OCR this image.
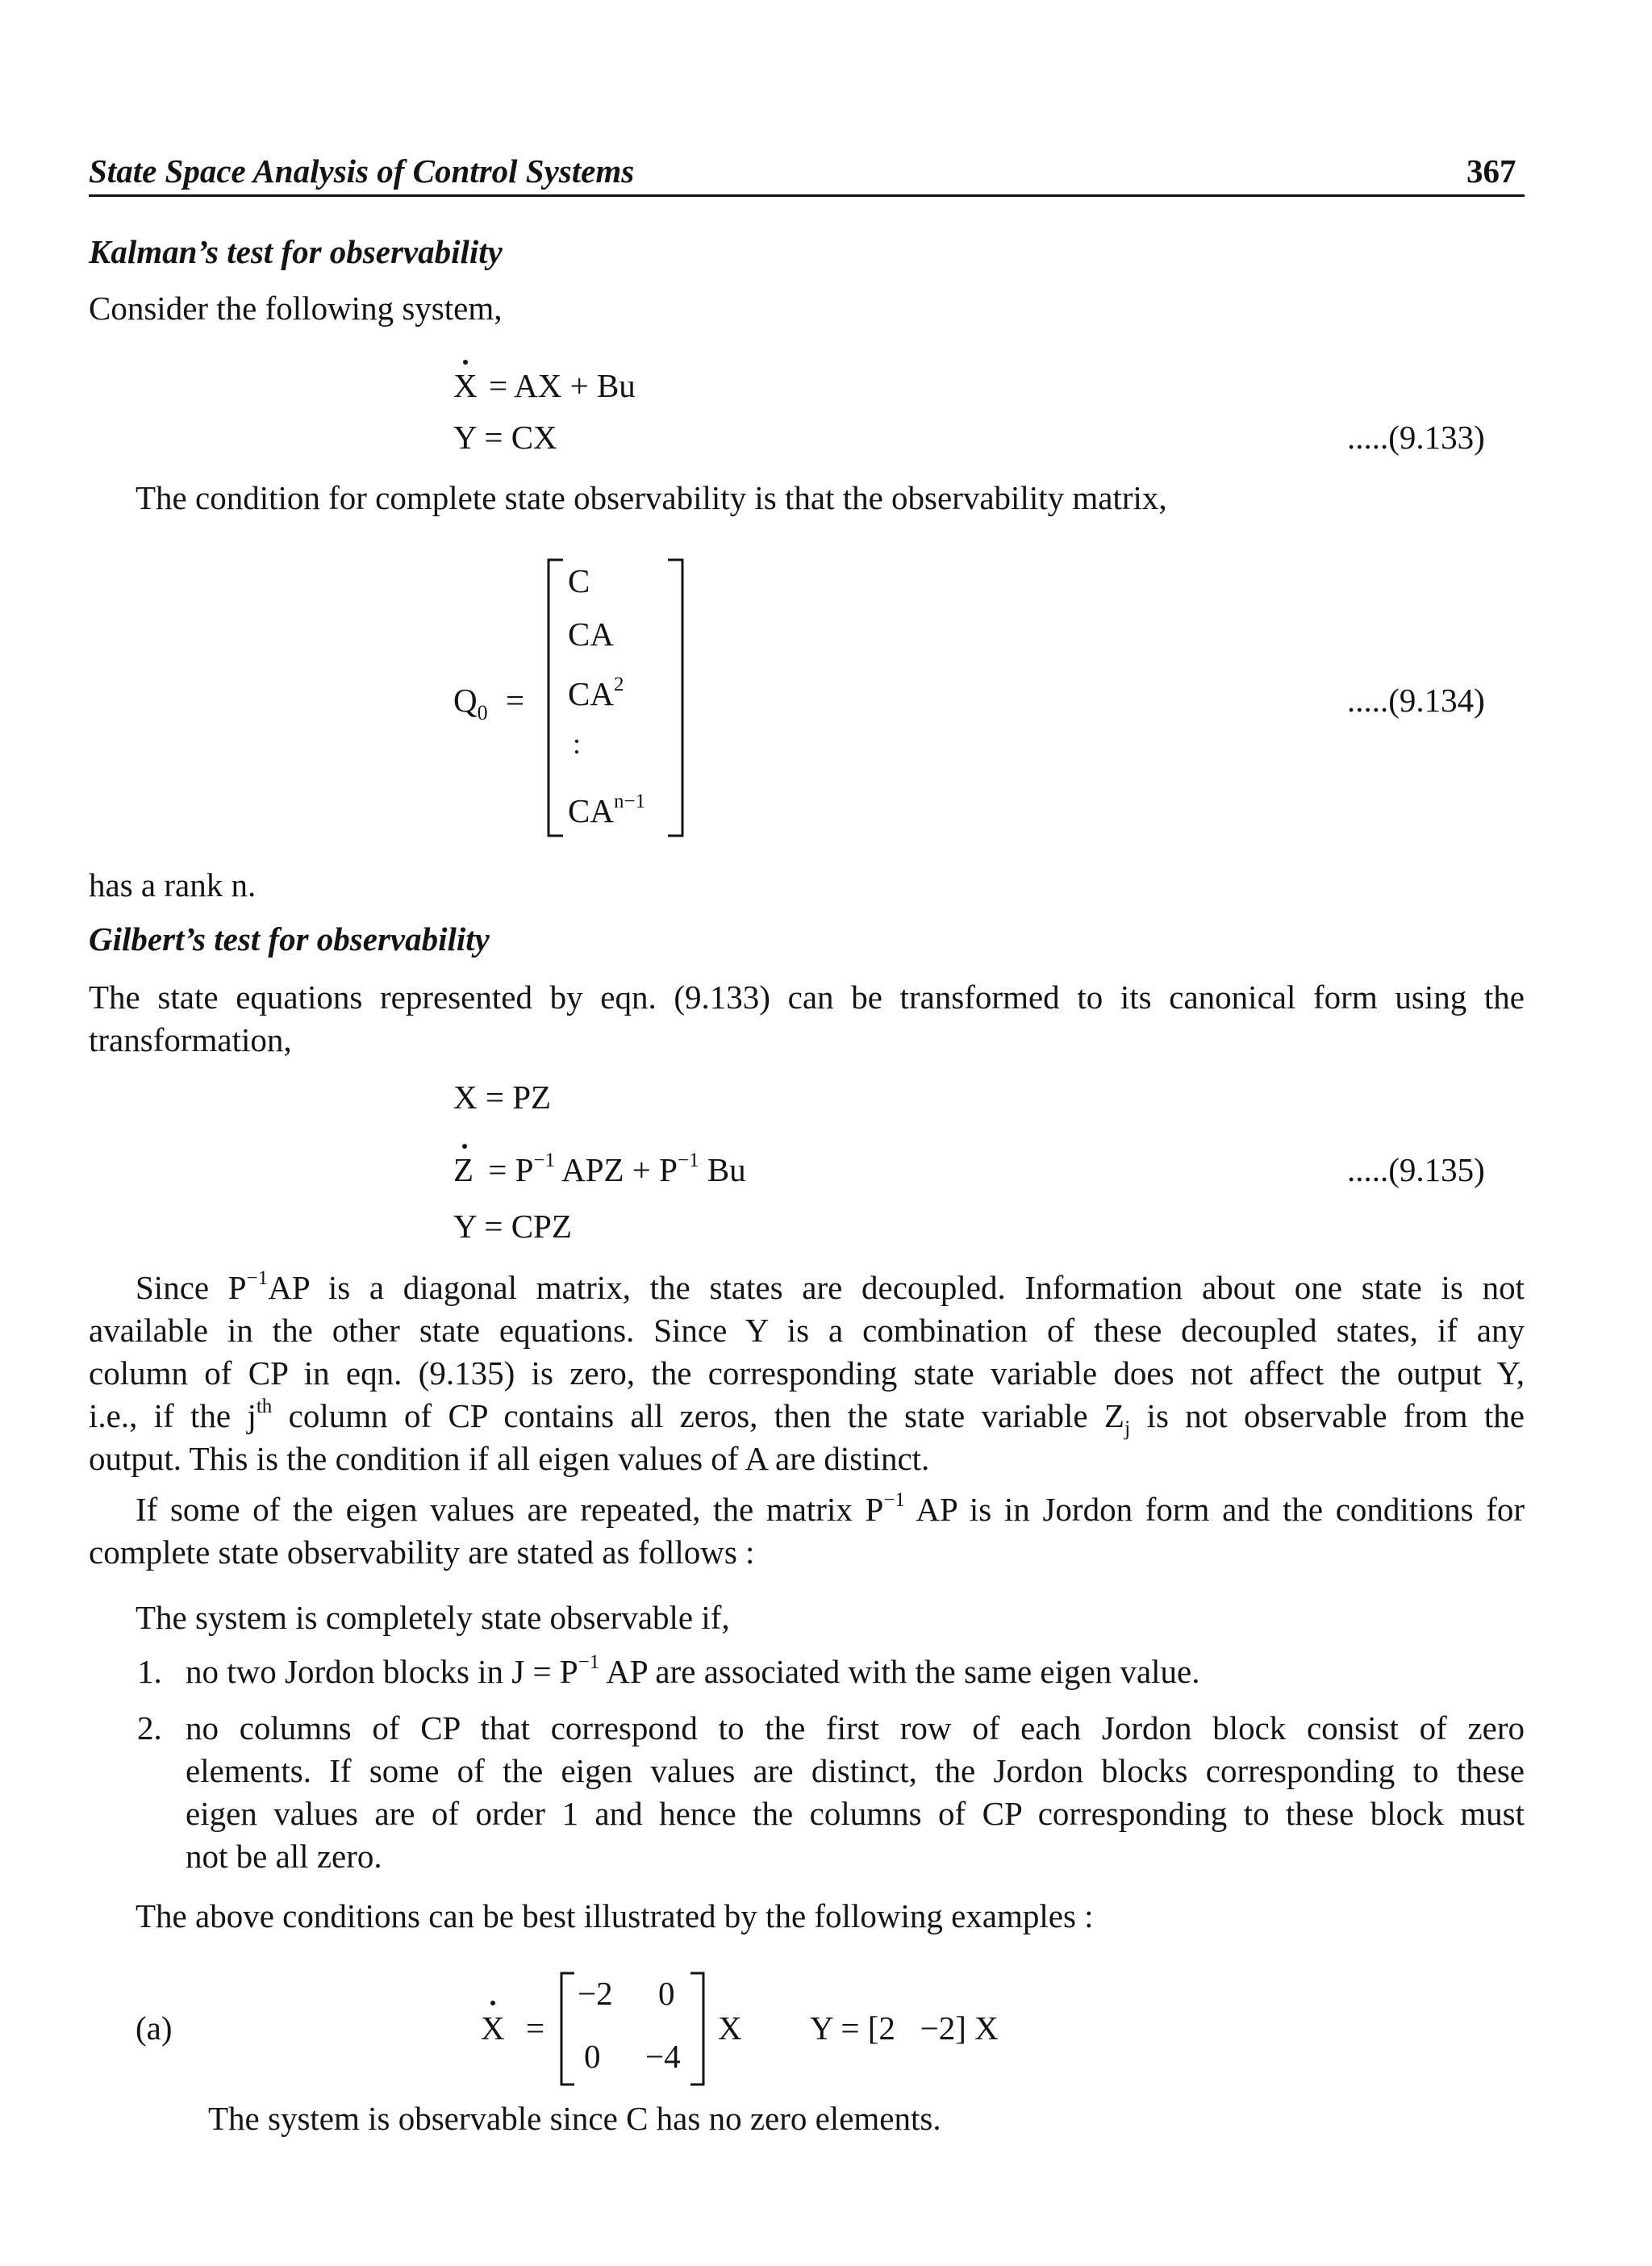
State Space Analysis of Control Systems	367
Kalman’s test for observability
Consider the following system,
X = AX + Bu
Y = CX	.....(9.133)
The condition for complete state observability is that the observability matrix,
$Q_0$ =
C
CA
$CA^2$
:
$CA^{n-1}$
.....(9.134)
has a rank n.
Gilbert’s test for observability
The state equations represented by eqn. (9.133) can be transformed to its canonical form using the
transformation,
X = PZ
$Z = P^{-1}$ APZ + $P^{-1}$ Bu
Y = CPZ
.....(9.135)
Since $P^{-1}AP$ is a diagonal matrix, the states are decoupled. Information about one state is not
available in the other state equations. Since Y is a combination of these decoupled states, if any
column of CP in eqn. (9.135) is zero, the corresponding state variable does not affect the output Y,
i.e., if the $j^{th}$ column of CP contains all zeros, then the state variable $Z_j$ is not observable from the
output. This is the condition if all eigen values of A are distinct.
If some of the eigen values are repeated, the matrix $P^{-1}$ AP is in Jordon form and the conditions for
complete state observability are stated as follows :
The system is completely state observable if,
1. no two Jordon blocks in $J = P^{-1}$ AP are associated with the same eigen value.
2. no columns of CP that correspond to the first row of each Jordon block consist of zero
elements. If some of the eigen values are distinct, the Jordon blocks corresponding to these
eigen values are of order 1 and hence the columns of CP corresponding to these block must
not be all zero.
The above conditions can be best illustrated by the following examples :
(a)	X =
−2 0
0 −4
X Y = [2   −2] X
The system is observable since C has no zero elements.
